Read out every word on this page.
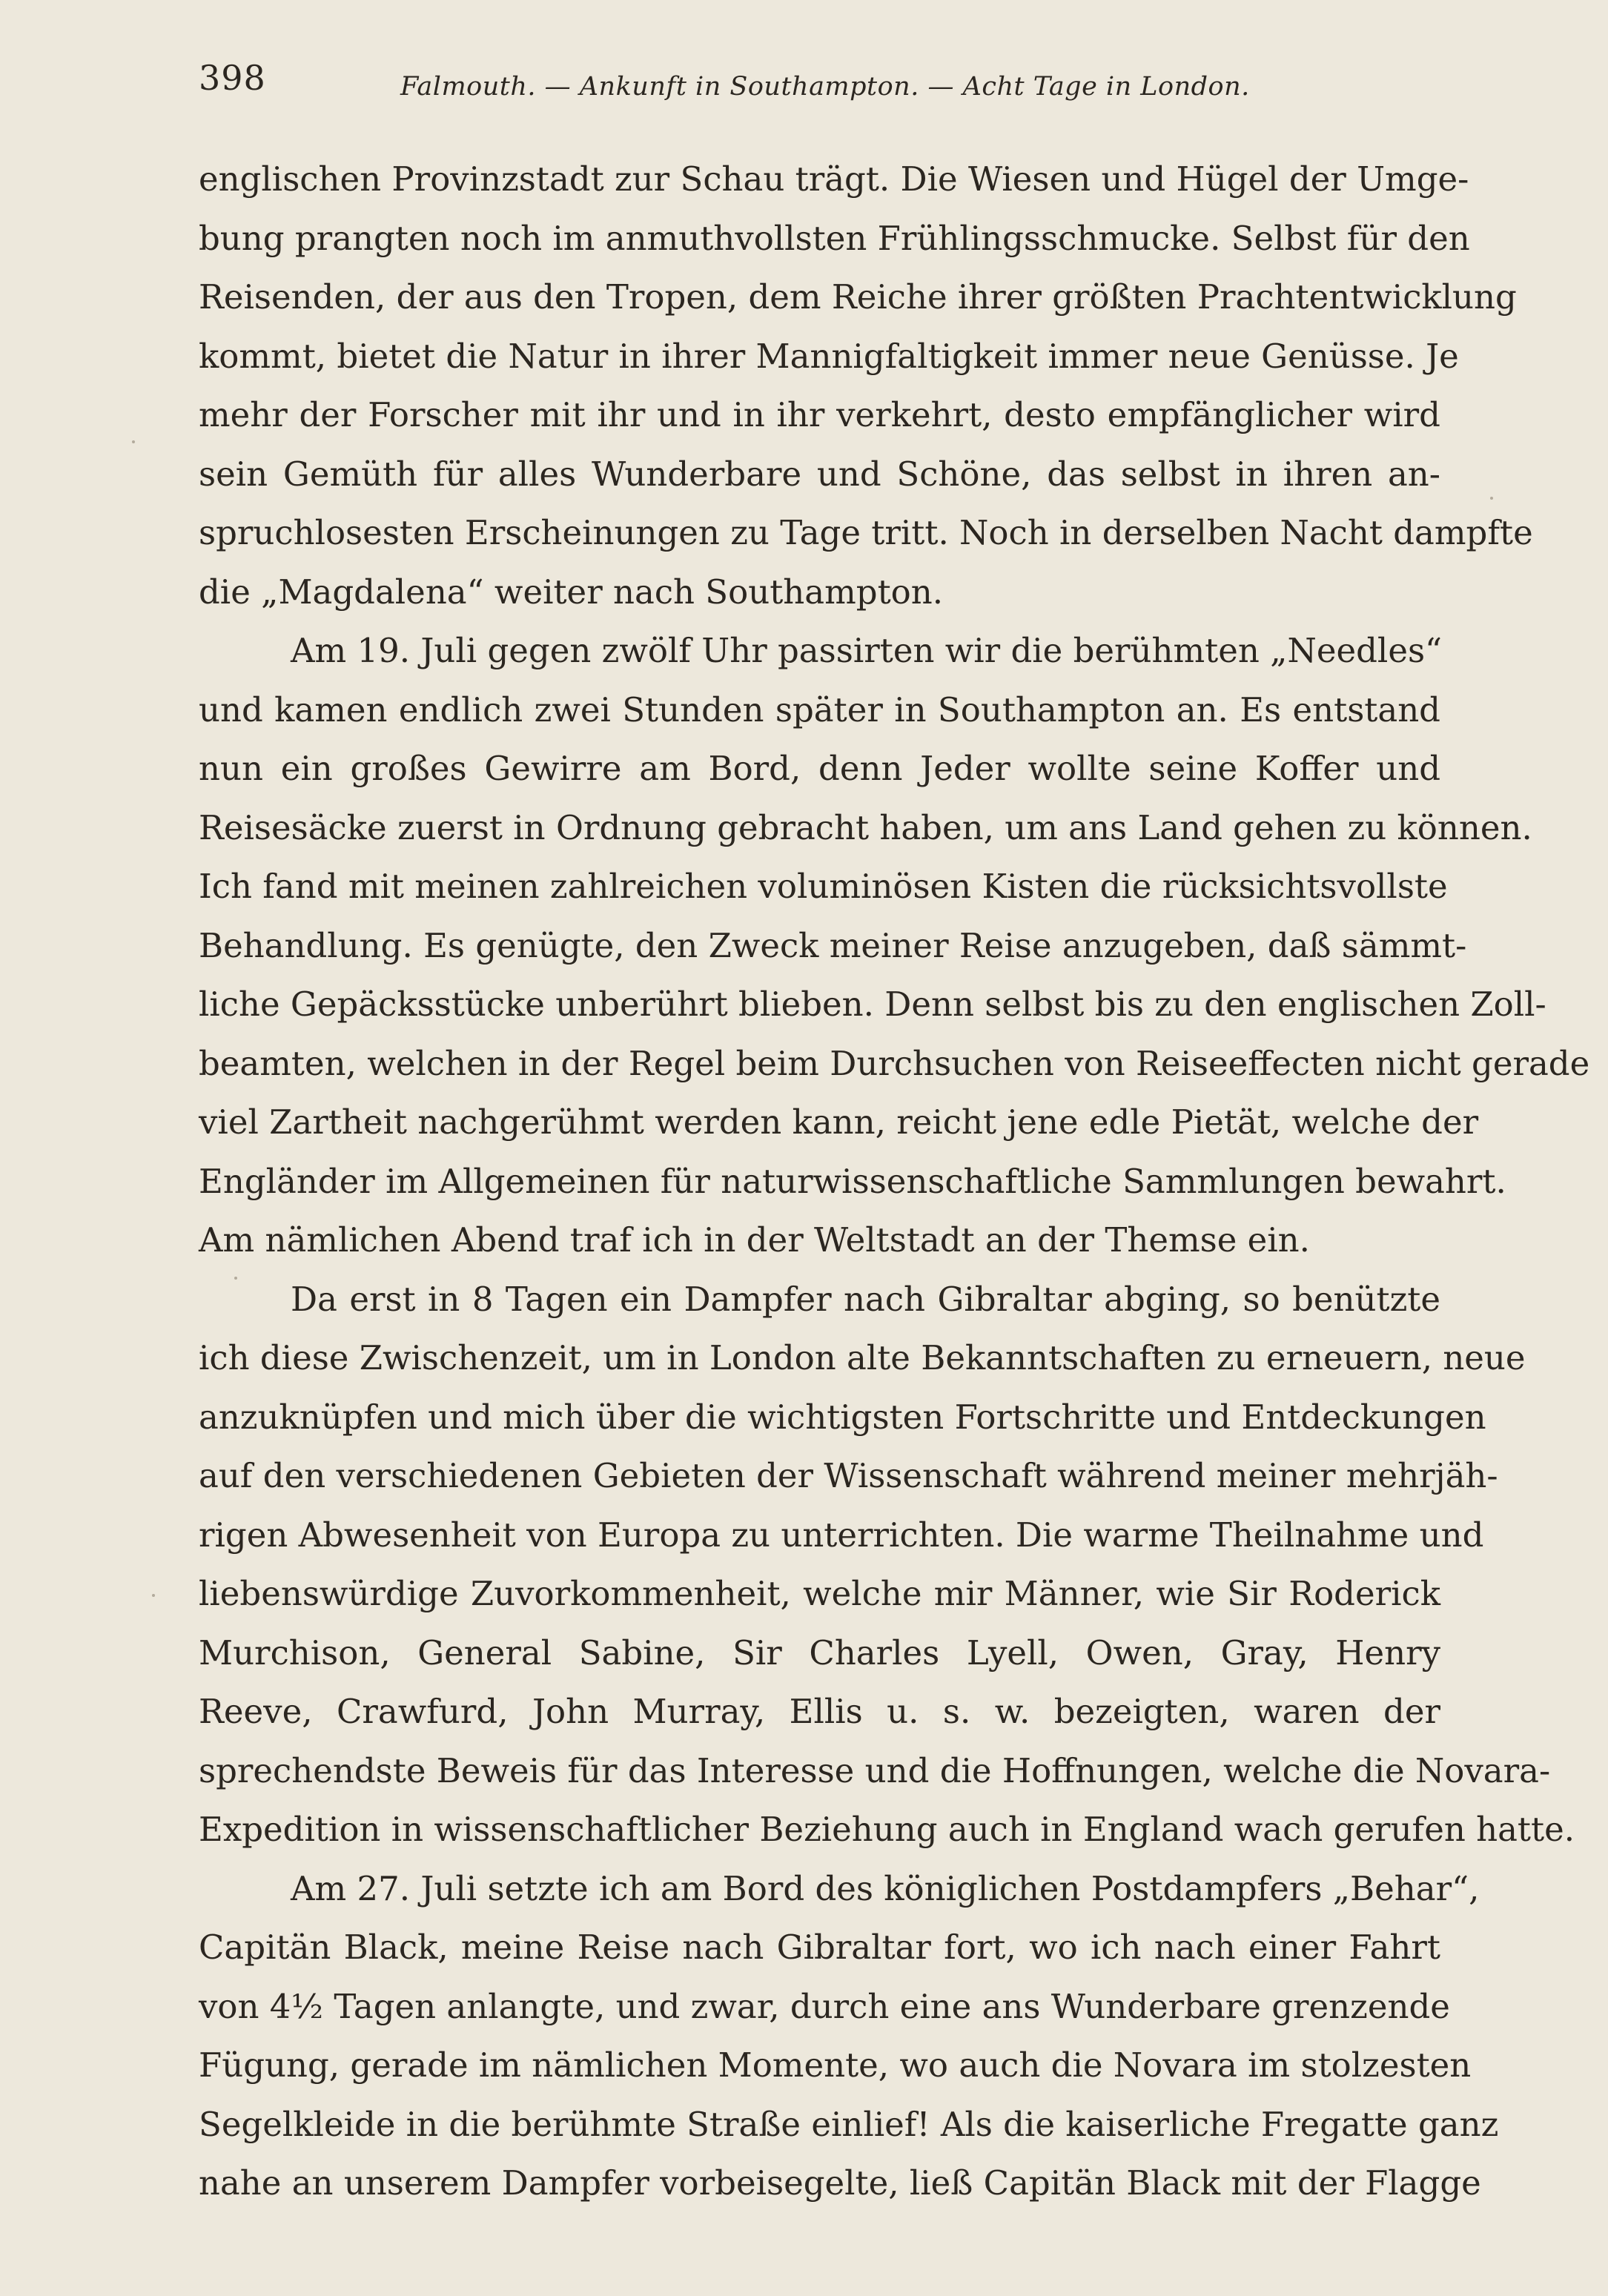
398	Falmouth. — Ankunft in Southampton. — Acht Tage in London.
englischen Provinzstadt zur Schau trägt. Die Wiesen und Hügel der Umge-
bung prangten noch im anmuthvollsten Frühlingsschmucke. Selbst für den
Reisenden, der aus den Tropen, dem Reiche ihrer größten Prachtentwicklung
kommt, bietet die Natur in ihrer Mannigfaltigkeit immer neue Genüsse. Je
mehr der Forscher mit ihr und in ihr verkehrt, desto empfänglicher wird
sein Gemüth für alles Wunderbare und Schöne, das selbst in ihren an-
spruchlosesten Erscheinungen zu Tage tritt. Noch in derselben Nacht dampfte
die „Magdalena“ weiter nach Southampton.
Am 19. Juli gegen zwölf Uhr passirten wir die berühmten „Needles“
und kamen endlich zwei Stunden später in Southampton an. Es entstand
nun ein großes Gewirre am Bord, denn Jeder wollte seine Koffer und
Reisesäcke zuerst in Ordnung gebracht haben, um ans Land gehen zu können.
Ich fand mit meinen zahlreichen voluminösen Kisten die rücksichtsvollste
Behandlung. Es genügte, den Zweck meiner Reise anzugeben, daß sämmt-
liche Gepäcksstücke unberührt blieben. Denn selbst bis zu den englischen Zoll-
beamten, welchen in der Regel beim Durchsuchen von Reiseeffecten nicht gerade
viel Zartheit nachgerühmt werden kann, reicht jene edle Pietät, welche der
Engländer im Allgemeinen für naturwissenschaftliche Sammlungen bewahrt.
Am nämlichen Abend traf ich in der Weltstadt an der Themse ein.
Da erst in 8 Tagen ein Dampfer nach Gibraltar abging, so benützte
ich diese Zwischenzeit, um in London alte Bekanntschaften zu erneuern, neue
anzuknüpfen und mich über die wichtigsten Fortschritte und Entdeckungen
auf den verschiedenen Gebieten der Wissenschaft während meiner mehrjäh-
rigen Abwesenheit von Europa zu unterrichten. Die warme Theilnahme und
liebenswürdige Zuvorkommenheit, welche mir Männer, wie Sir Roderick
Murchison, General Sabine, Sir Charles Lyell, Owen, Gray, Henry
Reeve, Crawfurd, John Murray, Ellis u. s. w. bezeigten, waren der
sprechendste Beweis für das Interesse und die Hoffnungen, welche die Novara-
Expedition in wissenschaftlicher Beziehung auch in England wach gerufen hatte.
Am 27. Juli setzte ich am Bord des königlichen Postdampfers „Behar“,
Capitän Black, meine Reise nach Gibraltar fort, wo ich nach einer Fahrt
von 4½ Tagen anlangte, und zwar, durch eine ans Wunderbare grenzende
Fügung, gerade im nämlichen Momente, wo auch die Novara im stolzesten
Segelkleide in die berühmte Straße einlief! Als die kaiserliche Fregatte ganz
nahe an unserem Dampfer vorbeisegelte, ließ Capitän Black mit der Flagge
